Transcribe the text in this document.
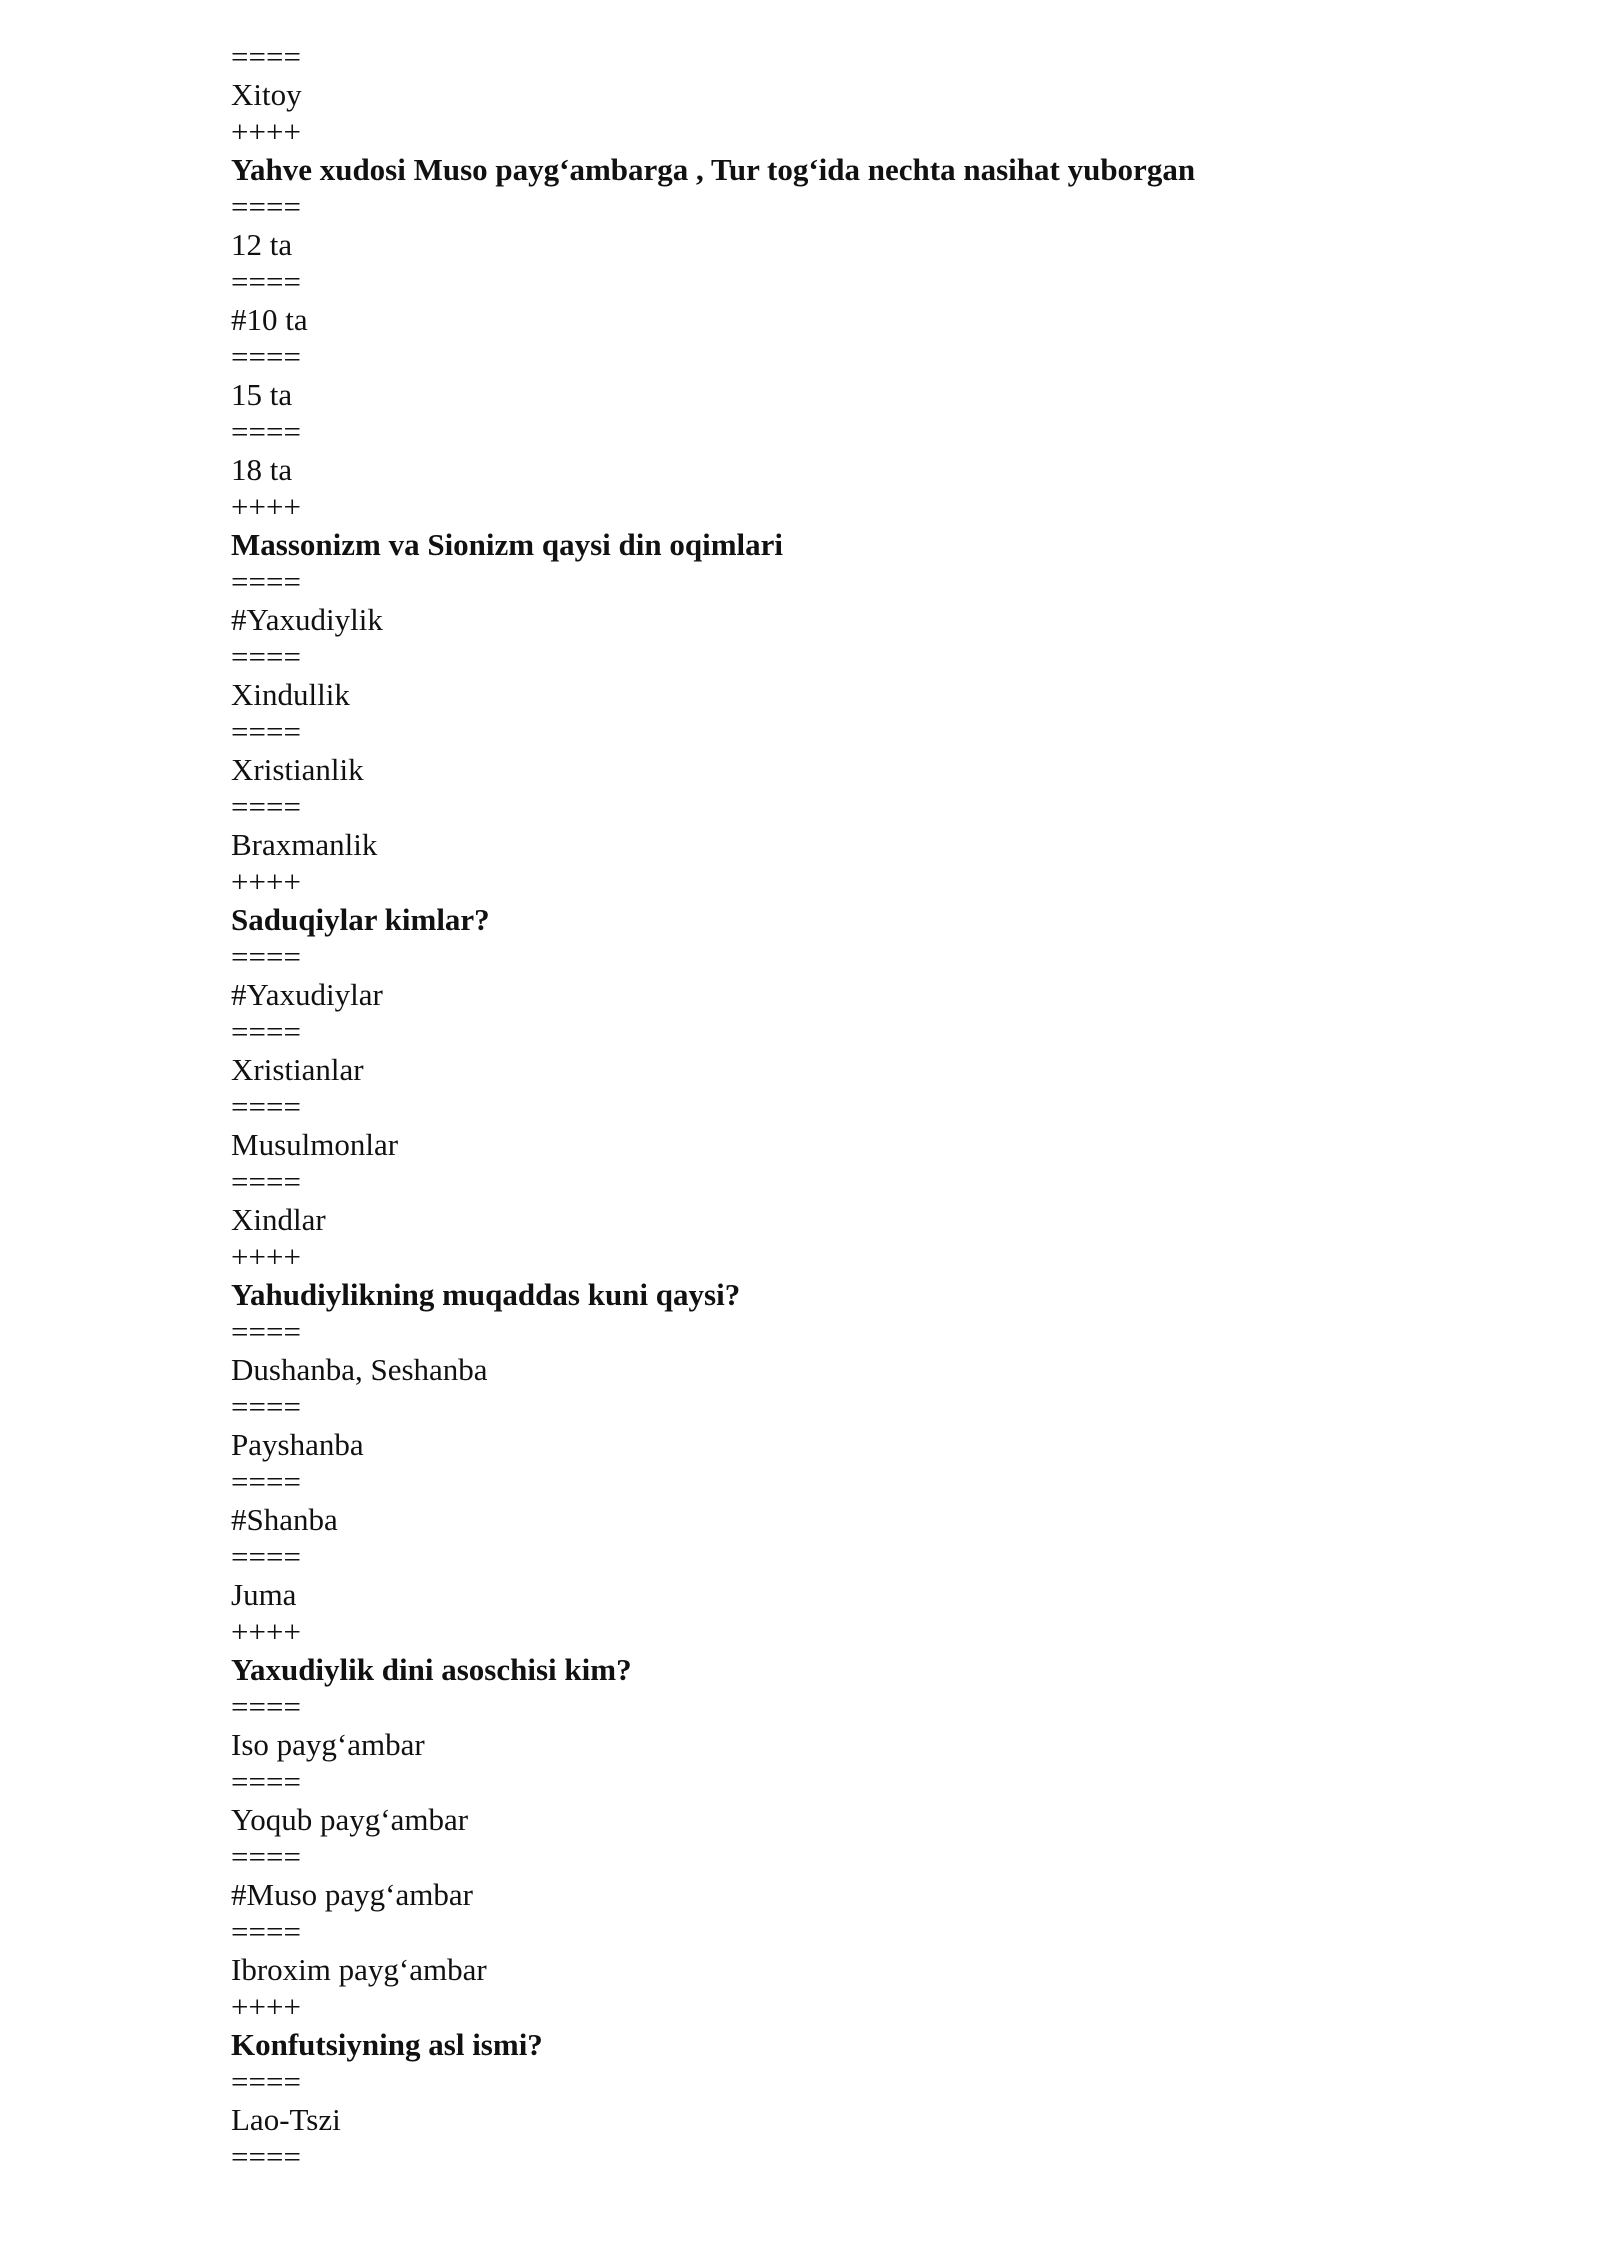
====
Xitoy
++++
Yahve xudosi Muso payg‘ambarga , Tur tog‘ida nechta nasihat yuborgan
====
12 ta
====
#10 ta
====
15 ta
====
18 ta
++++
Massonizm va Sionizm qaysi din oqimlari
====
#Yaxudiylik
====
Xindullik
====
Xristianlik
====
Braxmanlik
++++
Saduqiylar kimlar?
====
#Yaxudiylar
====
Xristianlar
====
Musulmonlar
====
Xindlar
++++
Yahudiylikning muqaddas kuni qaysi?
====
Dushanba, Seshanba
====
Payshanba
====
#Shanba
====
Juma
++++
Yaxudiylik dini asoschisi kim?
====
Iso payg‘ambar
====
Yoqub payg‘ambar
====
#Muso payg‘ambar
====
Ibroxim payg‘ambar
++++
Konfutsiyning asl ismi?
====
Lao-Tszi
====
